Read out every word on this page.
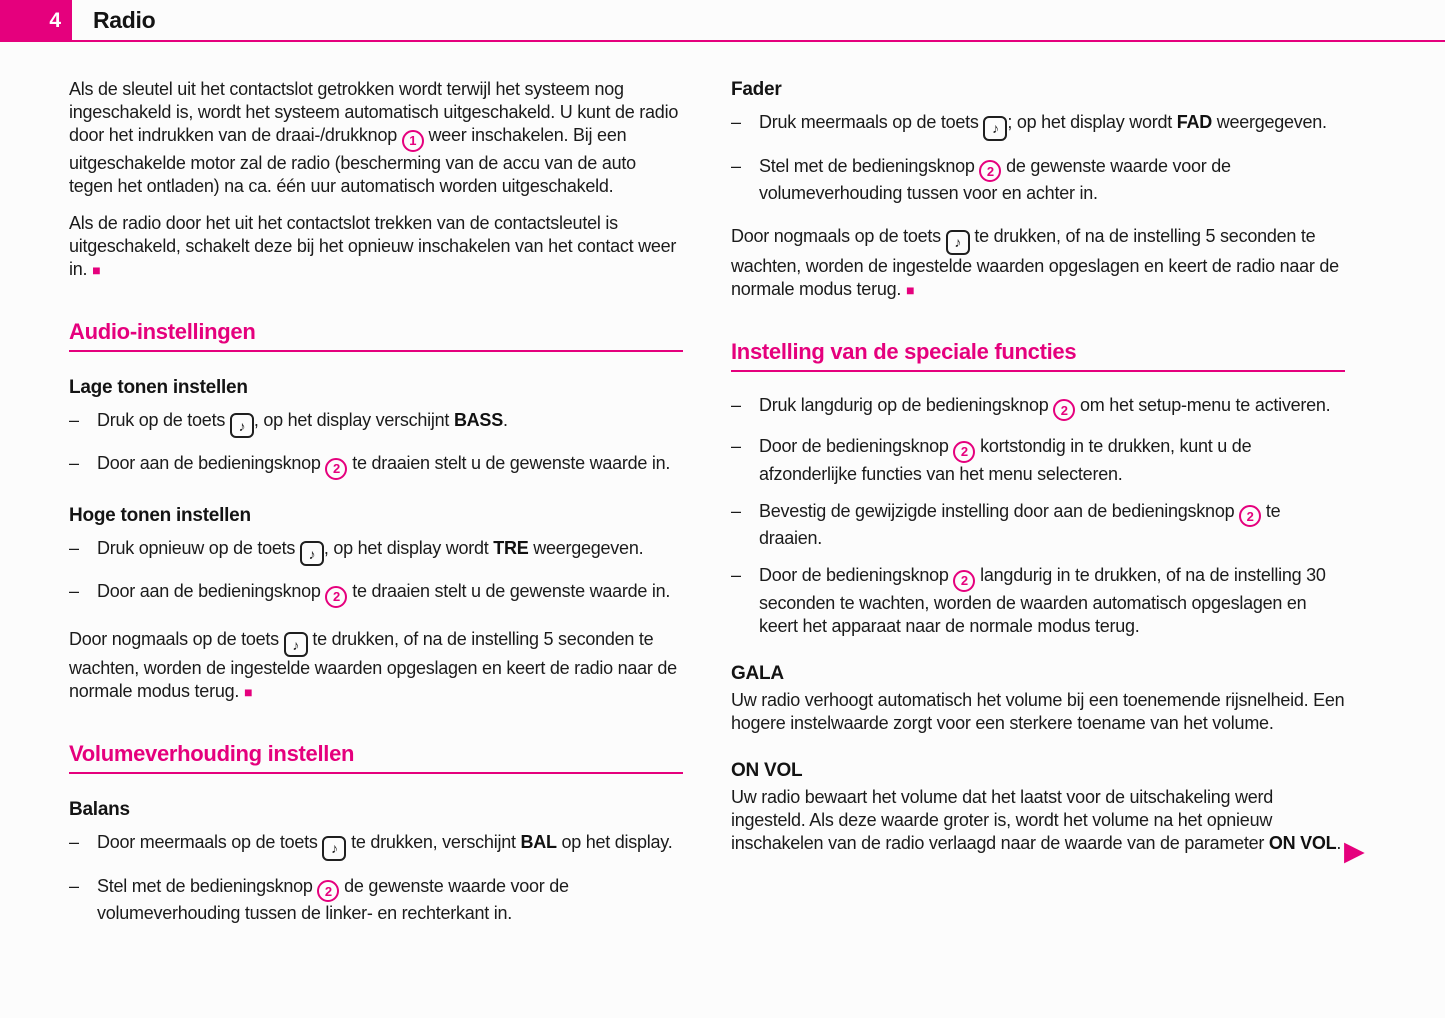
4 Radio

Als de sleutel uit het contactslot getrokken wordt terwijl het systeem nog ingeschakeld is, wordt het systeem automatisch uitgeschakeld. U kunt de radio door het indrukken van de draai-/drukknop 1 weer inschakelen. Bij een uitgeschakelde motor zal de radio (bescherming van de accu van de auto tegen het ontladen) na ca. één uur automatisch worden uitgeschakeld.

Als de radio door het uit het contactslot trekken van de contactsleutel is uitgeschakeld, schakelt deze bij het opnieuw inschakelen van het contact weer in. ■

Audio-instellingen
Lage tonen instellen
–	Druk op de toets ♪ , op het display verschijnt BASS.
–	Door aan de bedieningsknop 2 te draaien stelt u de gewenste waarde in.
Hoge tonen instellen
–	Druk opnieuw op de toets ♪ , op het display wordt TRE weergegeven.
–	Door aan de bedieningsknop 2 te draaien stelt u de gewenste waarde in.

Door nogmaals op de toets ♪ te drukken, of na de instelling 5 seconden te wachten, worden de ingestelde waarden opgeslagen en keert de radio naar de normale modus terug. ■

Volumeverhouding instellen
Balans
–	Door meermaals op de toets ♪ te drukken, verschijnt BAL op het display.
–	Stel met de bedieningsknop 2 de gewenste waarde voor de volumeverhouding tussen de linker- en rechterkant in.
Fader
–	Druk meermaals op de toets ♪ ; op het display wordt FAD weergegeven.
–	Stel met de bedieningsknop 2 de gewenste waarde voor de volumeverhouding tussen voor en achter in.

Door nogmaals op de toets ♪ te drukken, of na de instelling 5 seconden te wachten, worden de ingestelde waarden opgeslagen en keert de radio naar de normale modus terug. ■

Instelling van de speciale functies
–	Druk langdurig op de bedieningsknop 2 om het setup-menu te activeren.
–	Door de bedieningsknop 2 kortstondig in te drukken, kunt u de afzonderlijke functies van het menu selecteren.
–	Bevestig de gewijzigde instelling door aan de bedieningsknop 2 te draaien.
–	Door de bedieningsknop 2 langdurig in te drukken, of na de instelling 30 seconden te wachten, worden de waarden automatisch opgeslagen en keert het apparaat naar de normale modus terug.
GALA

Uw radio verhoogt automatisch het volume bij een toenemende rijsnelheid. Een hogere instelwaarde zorgt voor een sterkere toename van het volume.

ON VOL

Uw radio bewaart het volume dat het laatst voor de uitschakeling werd ingesteld. Als deze waarde groter is, wordt het volume na het opnieuw inschakelen van de radio verlaagd naar de waarde van de parameter ON VOL. ▶
